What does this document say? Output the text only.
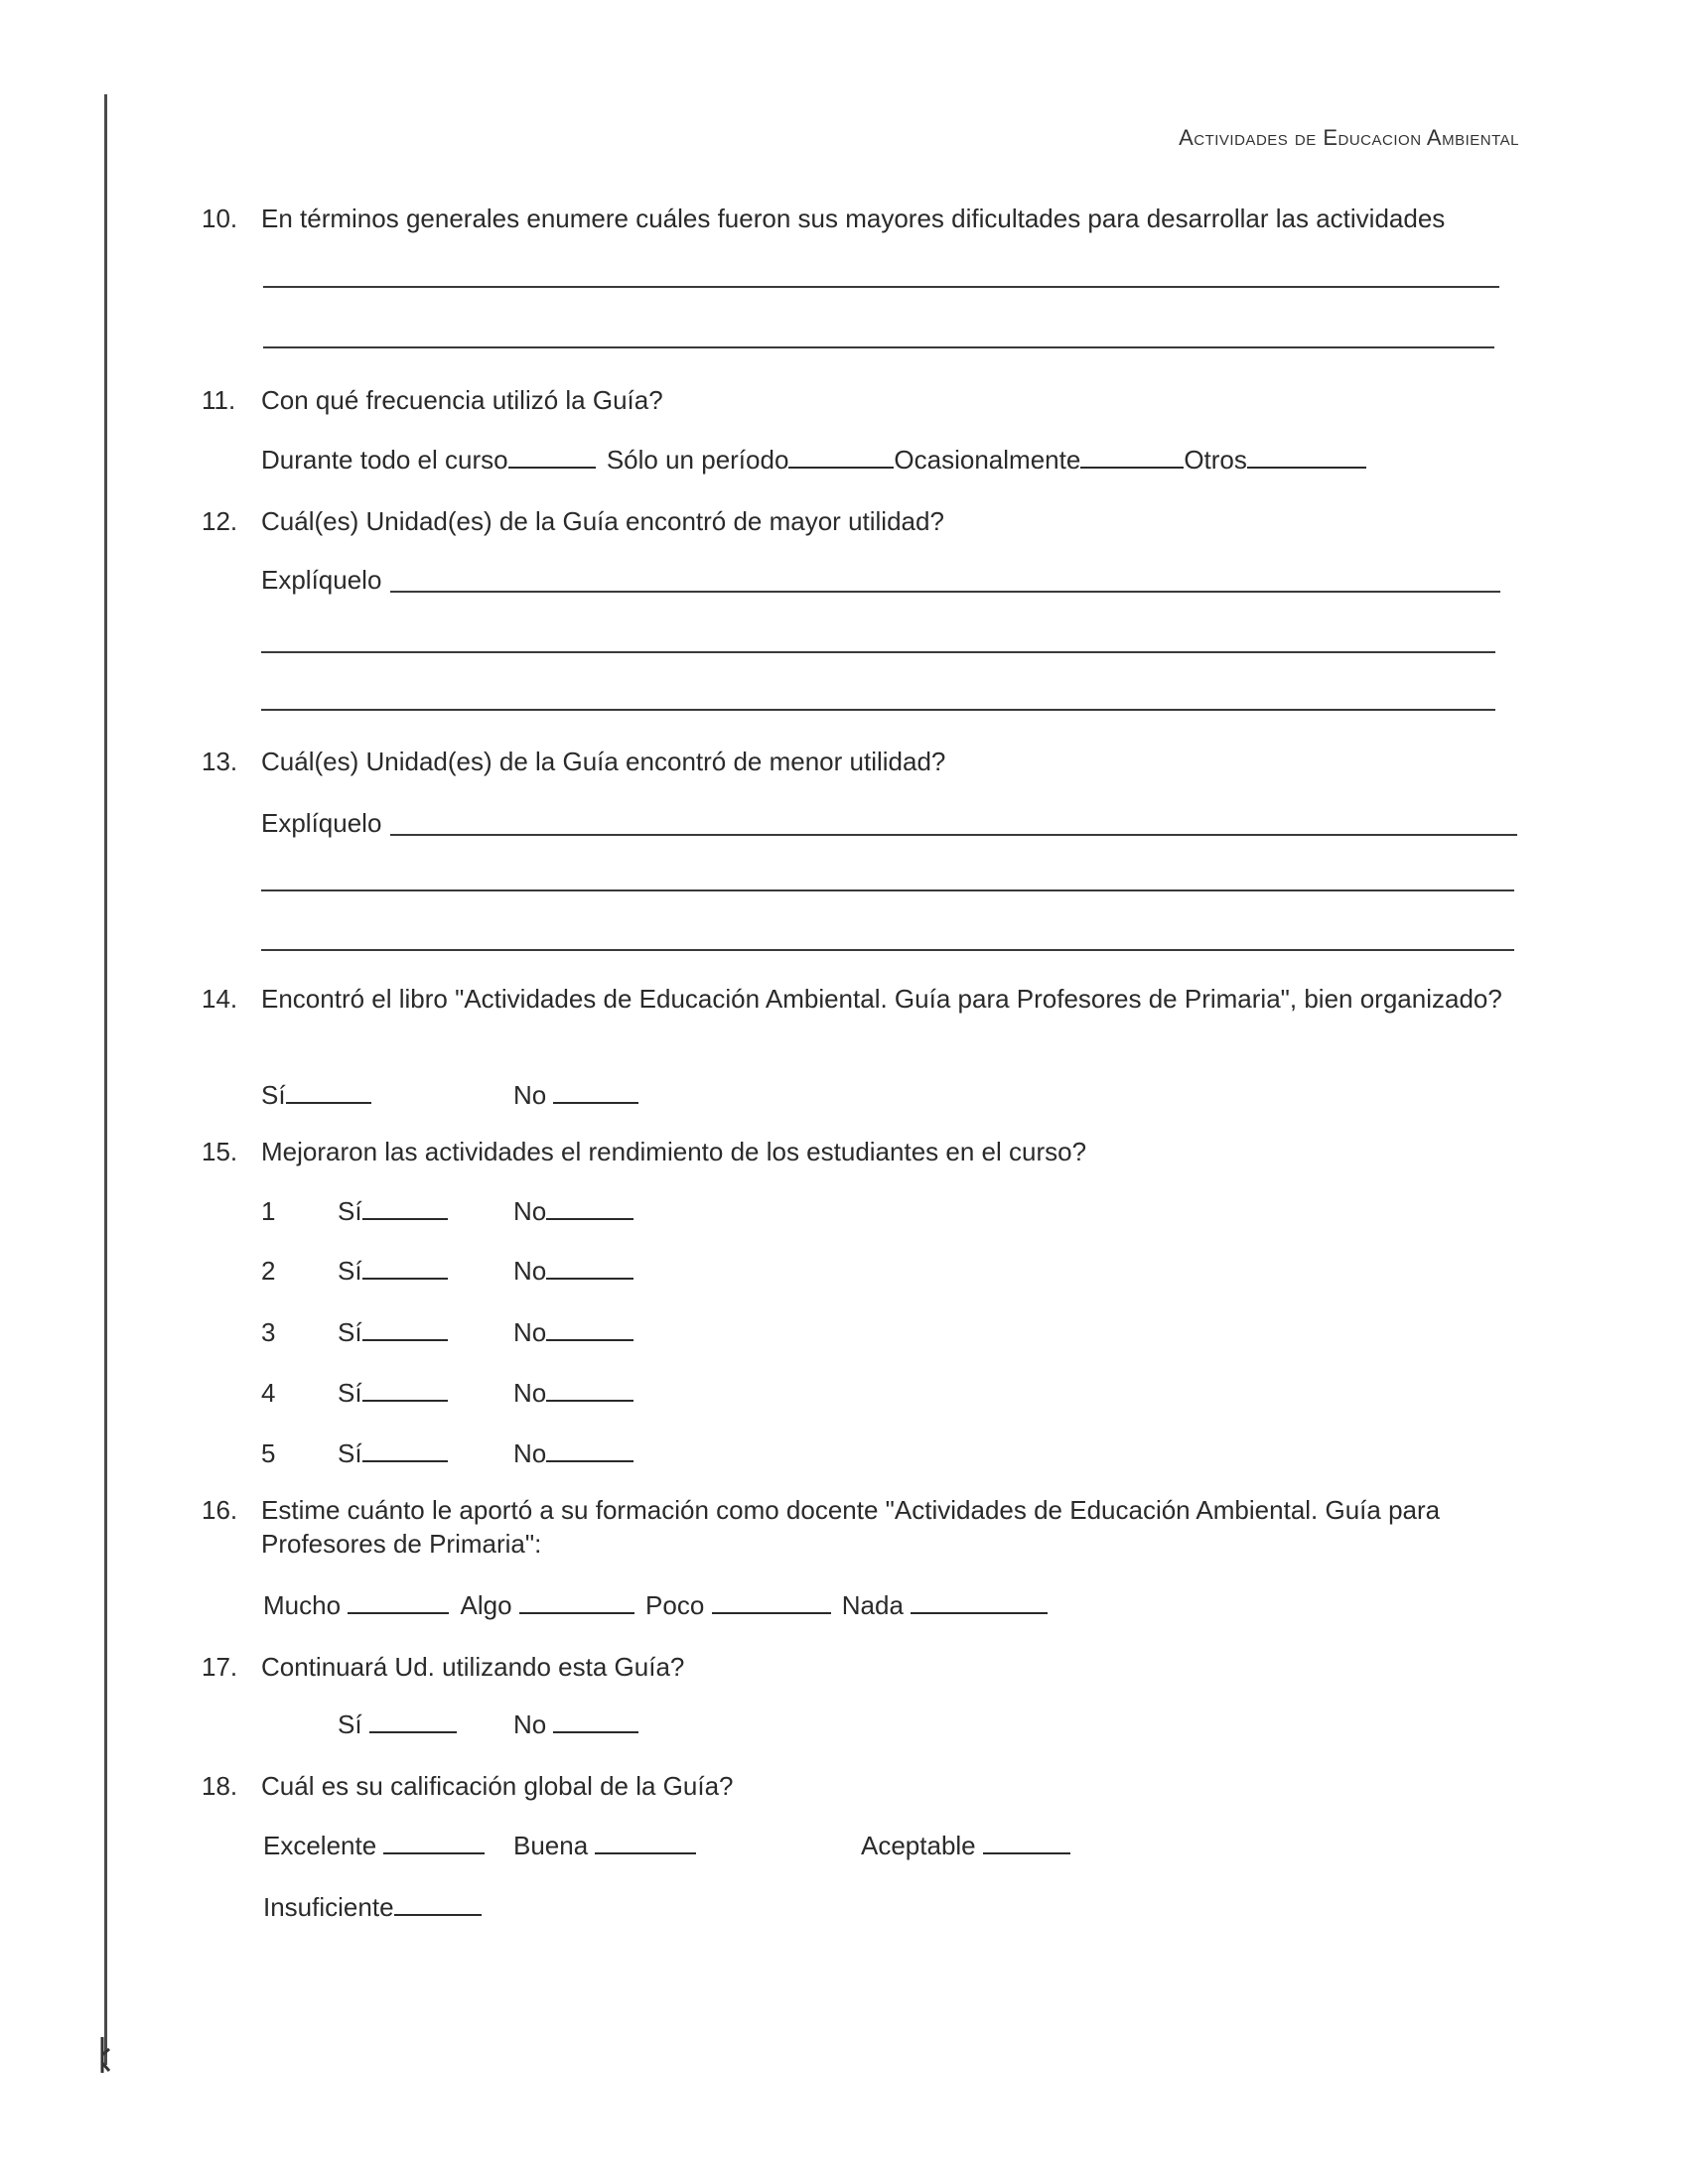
Actividades de Educacion Ambiental
10. En términos generales enumere cuáles fueron sus mayores dificultades para desarrollar las actividades
11. Con qué frecuencia utilizó la Guía?
Durante todo el curso	Sólo un período	Ocasionalmente	Otros
12. Cuál(es) Unidad(es) de la Guía encontró de mayor utilidad?
Explíquelo
13. Cuál(es) Unidad(es) de la Guía encontró de menor utilidad?
Explíquelo
14. Encontró el libro "Actividades de Educación Ambiental. Guía para Profesores de Primaria", bien organizado?
Sí	No
15. Mejoraron las actividades el rendimiento de los estudiantes en el curso?
1 Sí	No
2 Sí	No
3 Sí	No
4 Sí	No
5 Sí	No
16. Estime cuánto le aportó a su formación como docente "Actividades de Educación Ambiental. Guía para Profesores de Primaria":
Mucho	Algo	Poco	Nada
17. Continuará Ud. utilizando esta Guía?
Sí	No
18. Cuál es su calificación global de la Guía?
Excelente	Buena	Aceptable
Insuficiente
